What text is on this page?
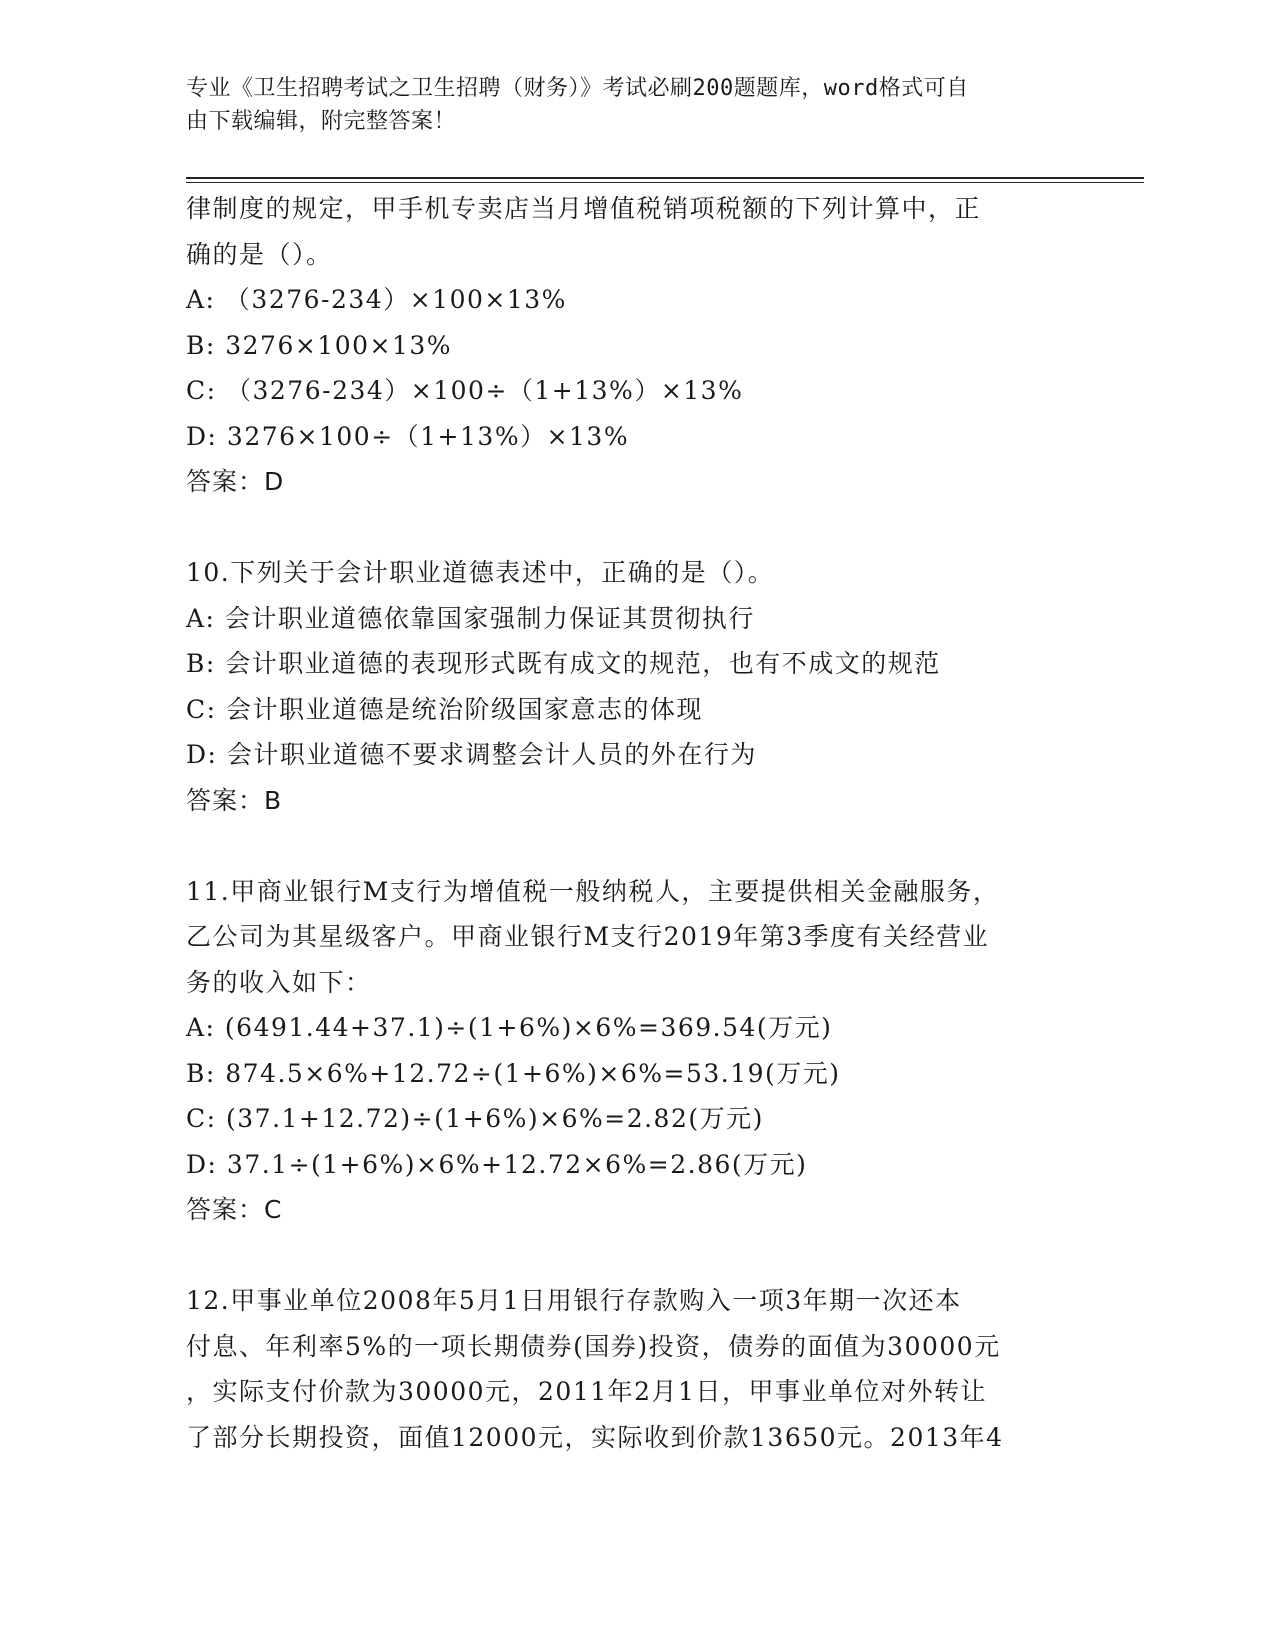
专业《卫生招聘考试之卫生招聘（财务）》考试必刷200题题库，word格式可自
由下载编辑，附完整答案！
律制度的规定，甲手机专卖店当月增值税销项税额的下列计算中，正
确的是（）。
A: （3276-234）×100×13%
B: 3276×100×13%
C: （3276-234）×100÷（1+13%）×13%
D: 3276×100÷（1+13%）×13%
答案：D
10.下列关于会计职业道德表述中，正确的是（）。
A: 会计职业道德依靠国家强制力保证其贯彻执行
B: 会计职业道德的表现形式既有成文的规范，也有不成文的规范
C: 会计职业道德是统治阶级国家意志的体现
D: 会计职业道德不要求调整会计人员的外在行为
答案：B
11.甲商业银行M支行为增值税一般纳税人，主要提供相关金融服务，
乙公司为其星级客户。甲商业银行M支行2019年第3季度有关经营业
务的收入如下：
A: (6491.44+37.1)÷(1+6%)×6%=369.54(万元)
B: 874.5×6%+12.72÷(1+6%)×6%=53.19(万元)
C: (37.1+12.72)÷(1+6%)×6%=2.82(万元)
D: 37.1÷(1+6%)×6%+12.72×6%=2.86(万元)
答案：C
12.甲事业单位2008年5月1日用银行存款购入一项3年期一次还本
付息、年利率5%的一项长期债券(国券)投资，债券的面值为30000元
，实际支付价款为30000元，2011年2月1日，甲事业单位对外转让
了部分长期投资，面值12000元，实际收到价款13650元。2013年4
